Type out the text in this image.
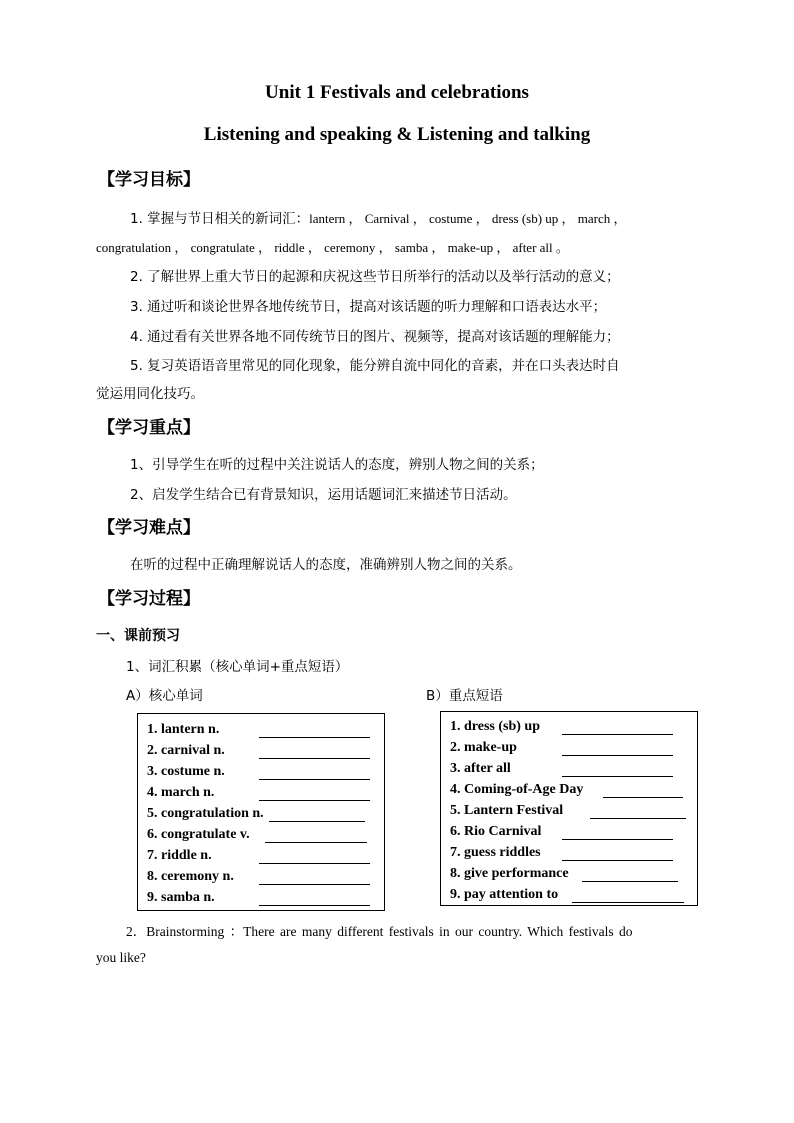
Unit 1 Festivals and celebrations
Listening and speaking & Listening and talking
【学习目标】
1. 掌握与节日相关的新词汇：lantern ， Carnival ， costume ， dress (sb) up ， march ，
congratulation ， congratulate ， riddle ， ceremony ， samba ， make-up ， after all 。
2. 了解世界上重大节日的起源和庆祝这些节日所举行的活动以及举行活动的意义；
3. 通过听和谈论世界各地传统节日，提高对该话题的听力理解和口语表达水平；
4. 通过看有关世界各地不同传统节日的图片、视频等，提高对该话题的理解能力；
5. 复习英语语音里常见的同化现象，能分辨自流中同化的音素，并在口头表达时自
觉运用同化技巧。
【学习重点】
1、引导学生在听的过程中关注说话人的态度，辨别人物之间的关系；
2、启发学生结合已有背景知识，运用话题词汇来描述节日活动。
【学习难点】
在听的过程中正确理解说话人的态度，准确辨别人物之间的关系。
【学习过程】
一、课前预习
1、词汇积累（核心单词+重点短语）
A）核心单词	B）重点短语
1. lantern n.
2. carnival n.
3. costume n.
4. march n.
5. congratulation n.
6. congratulate v.
7. riddle n.
8. ceremony n.
9. samba n.
1. dress (sb) up
2. make-up
3. after all
4. Coming-of-Age Day
5. Lantern Festival
6. Rio Carnival
7. guess riddles
8. give performance
9. pay attention to
2．Brainstorming ：There are many different festivals in our country. Which festivals do
you like?
